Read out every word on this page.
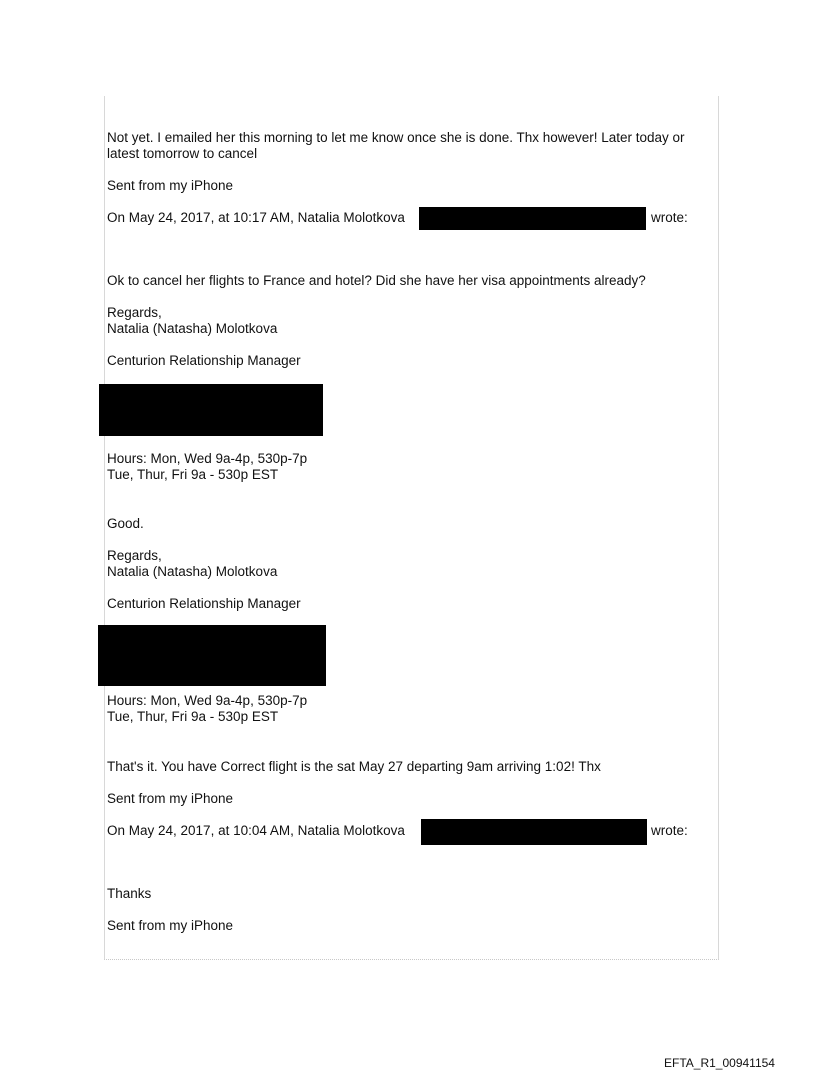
Not yet. I emailed her this morning to let me know once she is done. Thx however! Later today or
latest tomorrow to cancel
Sent from my iPhone
On May 24, 2017, at 10:17 AM, Natalia Molotkova	wrote:
Ok to cancel her flights to France and hotel? Did she have her visa appointments already?
Regards,
Natalia (Natasha) Molotkova
Centurion Relationship Manager
Hours: Mon, Wed 9a-4p, 530p-7p
Tue, Thur, Fri 9a - 530p EST
Good.
Regards,
Natalia (Natasha) Molotkova
Centurion Relationship Manager
Hours: Mon, Wed 9a-4p, 530p-7p
Tue, Thur, Fri 9a - 530p EST
That's it. You have Correct flight is the sat May 27 departing 9am arriving 1:02! Thx
Sent from my iPhone
On May 24, 2017, at 10:04 AM, Natalia Molotkova	wrote:
Thanks
Sent from my iPhone
EFTA_R1_00941154
